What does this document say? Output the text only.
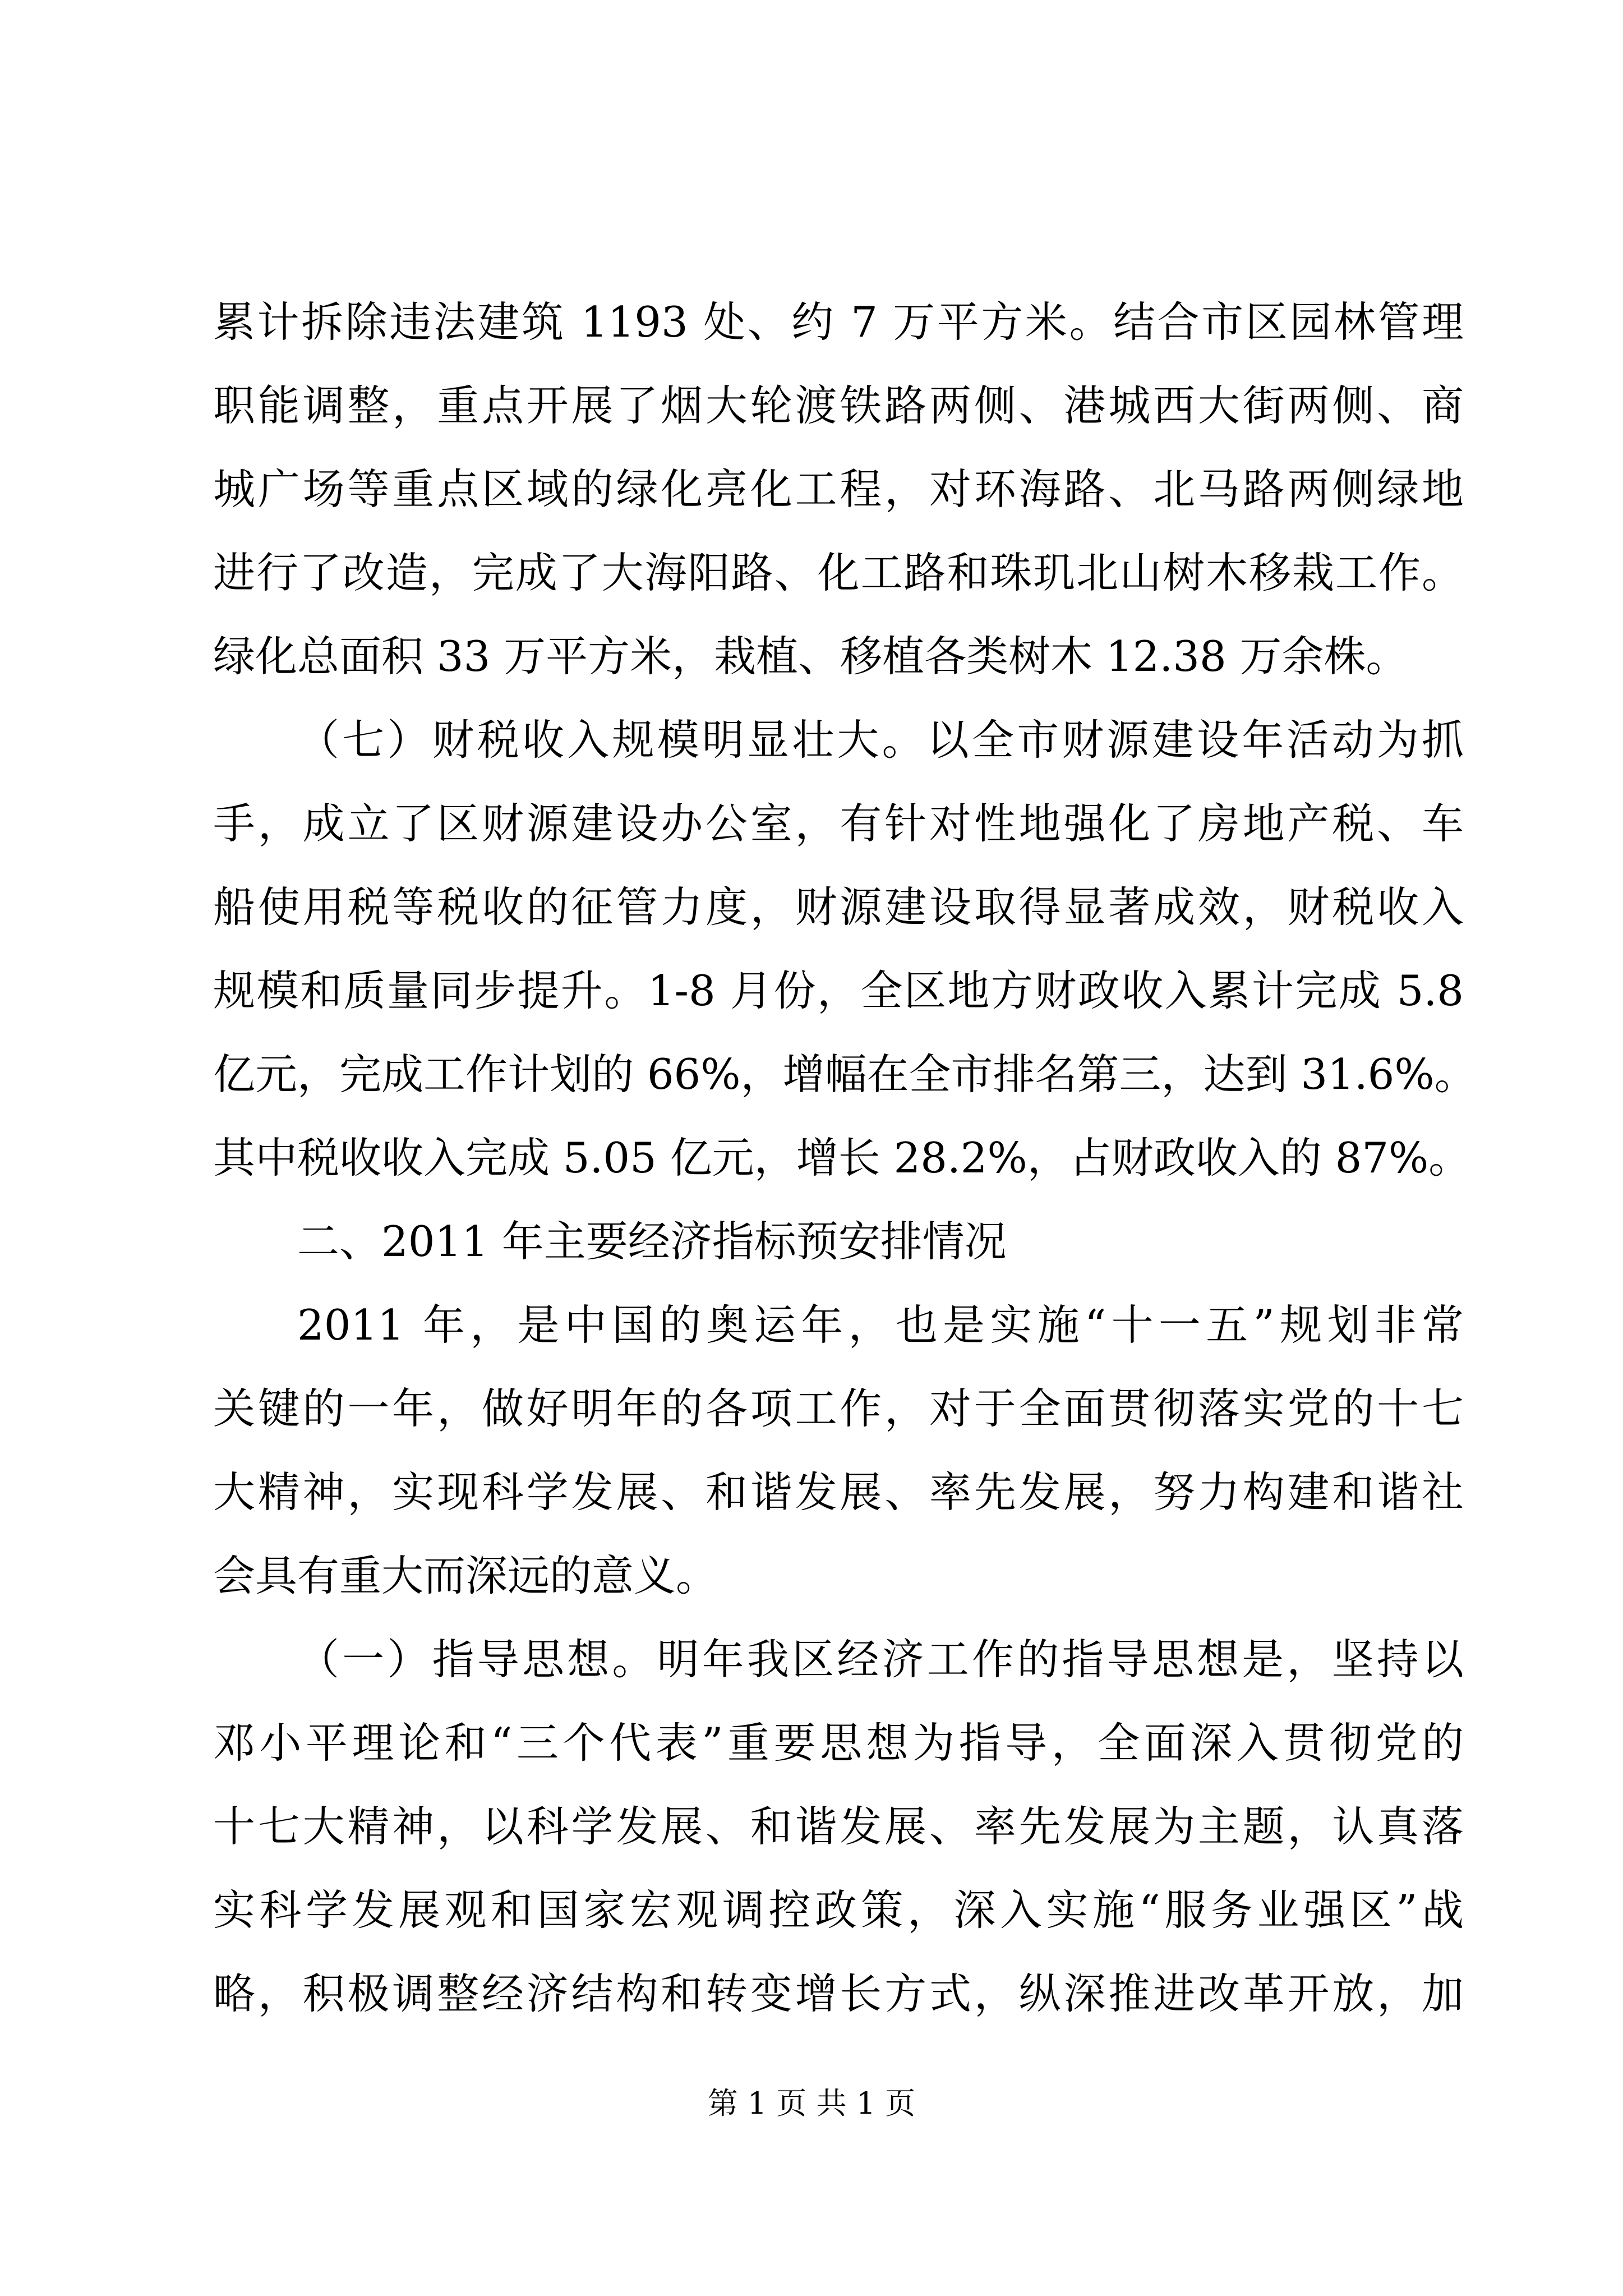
累计拆除违法建筑 1193 处、约 7 万平方米。结合市区园林管理
职能调整，重点开展了烟大轮渡铁路两侧、港城西大街两侧、商
城广场等重点区域的绿化亮化工程，对环海路、北马路两侧绿地
进行了改造，完成了大海阳路、化工路和珠玑北山树木移栽工作。
绿化总面积 33 万平方米，栽植、移植各类树木 12.38 万余株。
（七）财税收入规模明显壮大。以全市财源建设年活动为抓
手，成立了区财源建设办公室，有针对性地强化了房地产税、车
船使用税等税收的征管力度，财源建设取得显著成效，财税收入
规模和质量同步提升。1-8 月份，全区地方财政收入累计完成 5.8
亿元，完成工作计划的 66%，增幅在全市排名第三，达到 31.6%。
其中税收收入完成 5.05 亿元，增长 28.2%，占财政收入的 87%。
二、2011 年主要经济指标预安排情况
2011 年，是中国的奥运年，也是实施“十一五”规划非常
关键的一年，做好明年的各项工作，对于全面贯彻落实党的十七
大精神，实现科学发展、和谐发展、率先发展，努力构建和谐社
会具有重大而深远的意义。
（一）指导思想。明年我区经济工作的指导思想是，坚持以
邓小平理论和“三个代表”重要思想为指导，全面深入贯彻党的
十七大精神，以科学发展、和谐发展、率先发展为主题，认真落
实科学发展观和国家宏观调控政策，深入实施“服务业强区”战
略，积极调整经济结构和转变增长方式，纵深推进改革开放，加
第 1 页 共 1 页
